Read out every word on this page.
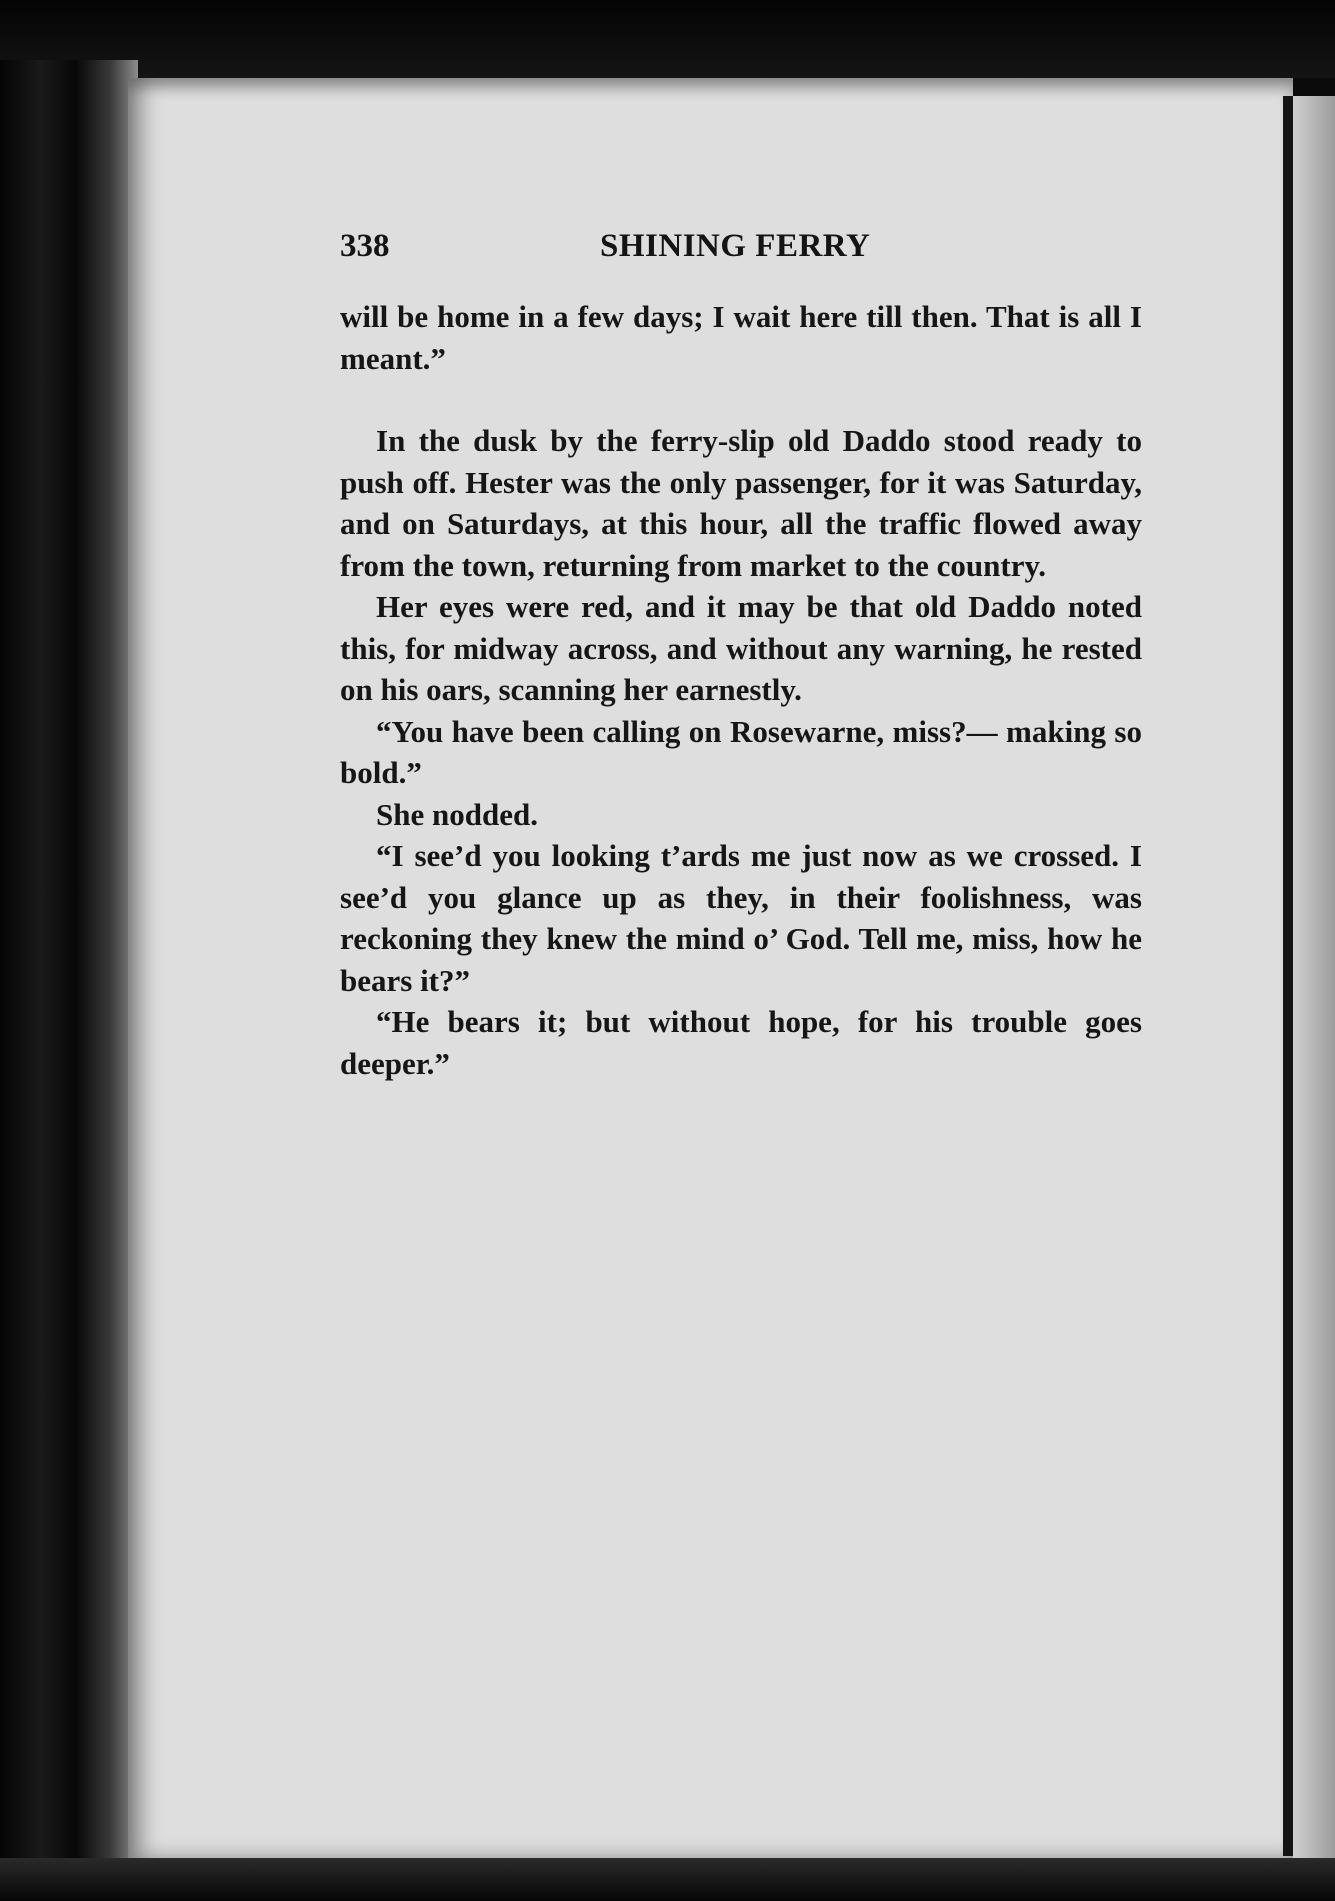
338	SHINING FERRY

will be home in a few days; I wait here till then. That is all I meant.”

In the dusk by the ferry-slip old Daddo stood ready to push off. Hester was the only passenger, for it was Saturday, and on Saturdays, at this hour, all the traffic flowed away from the town, returning from market to the country.

Her eyes were red, and it may be that old Daddo noted this, for midway across, and without any warning, he rested on his oars, scanning her earnestly.

“You have been calling on Rosewarne, miss?— making so bold.”

She nodded.

“I see’d you looking t’ards me just now as we crossed. I see’d you glance up as they, in their foolishness, was reckoning they knew the mind o’ God. Tell me, miss, how he bears it?”

“He bears it; but without hope, for his trouble goes deeper.”
